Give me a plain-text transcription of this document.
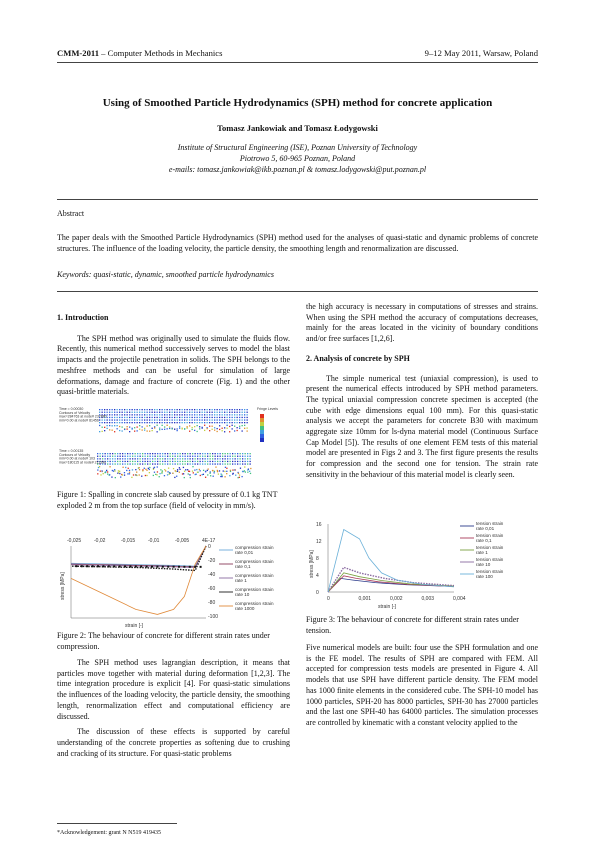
CMM-2011 – Computer Methods in Mechanics	9–12 May 2011, Warsaw, Poland
Using of Smoothed Particle Hydrodynamics (SPH) method for concrete application
Tomasz Jankowiak and Tomasz Łodygowski
Institute of Structural Engineering (ISE), Poznan University of Technology
Piotrowo 5, 60-965 Poznan, Poland
e-mails: tomasz.jankowiak@ikb.poznan.pl & tomasz.lodygowski@put.poznan.pl
Abstract
The paper deals with the Smoothed Particle Hydrodynamics (SPH) method used for the analyses of quasi-static and dynamic problems of concrete structures. The influence of the loading velocity, the particle density, the smoothing length and renormalization are discussed.
Keywords: quasi-static, dynamic, smoothed particle hydrodynamics
1. Introduction

The SPH method was originally used to simulate the fluids flow. Recently, this numerical method successively serves to model the blast impacts and the projectile penetration in solids. The SPH belongs to the meshfree methods and can be useful for simulation of large deformations, damage and fracture of concrete (Fig. 1) and the other quasi-brittle materials.

Time = 0.00030 Contours of Velocity max=284763 at node# 237880 min=0.00 at node# 81456
Time = 0.00135 Contours of Velocity min=0.00 at node# 103 max=180115 at node# 211590
Fringe Levels
Figure 1: Spalling in concrete slab caused by pressure of 0.1 kg TNT exploded 2 m from the top surface (field of velocity in mm/s).
0
-20
-40
-60
-80
-100
-0,025	-0,02	-0,015	-0,01	-0,005	4E-17
compression strain rate 0,01
compression strain rate 0,1
compression strain rate 1
compression strain rate 10
compression strain rate 1000
strain [-]
stress [MPa]
Figure 2: The behaviour of concrete for different strain rates under compression.

The SPH method uses lagrangian description, it means that particles move together with material during deformation [1,2,3]. The time integration procedure is explicit [4]. For quasi-static simulations the influences of the loading velocity, the particle density, the smoothing length, renormalization effect and computational efficiency are discussed.

The discussion of these effects is supported by careful understanding of the concrete properties as softening due to crushing and cracking of its structure. For quasi-static problems

the high accuracy is necessary in computations of stresses and strains. When using the SPH method the accuracy of computations decreases, mainly for the areas located in the vicinity of boundary conditions and/or free surfaces [1,2,6].

2. Analysis of concrete by SPH

The simple numerical test (uniaxial compression), is used to present the numerical effects introduced by SPH method parameters. The typical uniaxial compression concrete specimen is accepted (the cube with edge dimensions equal 100 mm). For this quasi-static analysis we accept the parameters for concrete B30 with maximum aggregate size 10mm for ls-dyna material model (Continuous Surface Cap Model [5]). The results of one element FEM tests of this material model are presented in Figs 2 and 3. The first figure presents the results for compression and the second one for tension. The strain rate sensitivity in the behaviour of this material model is clearly seen.

16
12
8
4
0
0	0,001	0,002	0,003	0,004
tension strain rate 0,01
tension strain rate 0,1
tension strain rate 1
tension strain rate 10
tension strain rate 100
strain [-]
stress [MPa]
Figure 3: The behaviour of concrete for different strain rates under tension.

Five numerical models are built: four use the SPH formulation and one is the FE model. The results of SPH are compared with FEM. All accepted for compression tests models are presented in Figure 4. All models that use SPH have different particle density. The FEM model has 1000 finite elements in the considered cube. The SPH-10 model has 1000 particles, SPH-20 has 8000 particles, SPH-30 has 27000 particles and the last one SPH-40 has 64000 particles. The simulation processes are controlled by kinematic with a constant velocity applied to the

*Acknowledgement: grant N N519 419435
